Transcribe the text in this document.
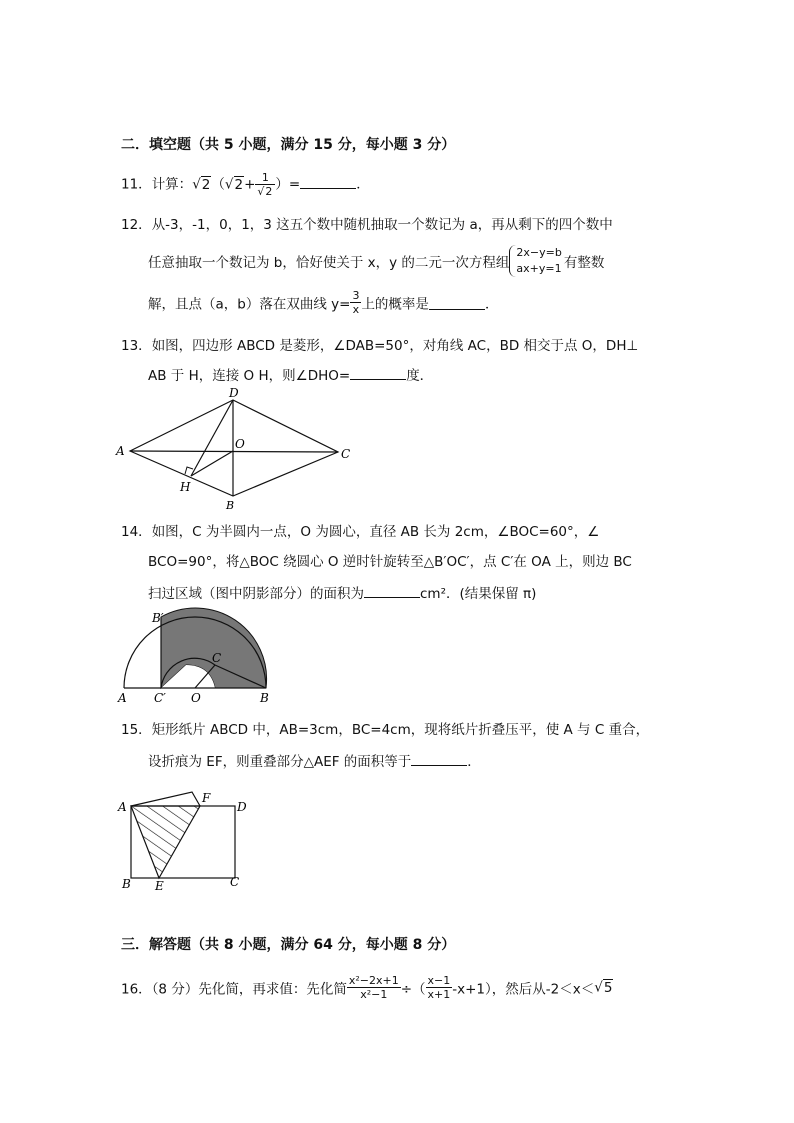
二．填空题（共 5 小题，满分 15 分，每小题 3 分）
11．计算：$√2(√2+ \frac{1}{√2}$ ）=	．
12．从-3，-1，0，1，3 这五个数中随机抽取一个数记为 a，再从剩下的四个数中
任意抽取一个数记为 b，恰好使关于 x，y 的二元一次方程组
2x−y=b
ax+y=1 有整数
解，且点（a，b）落在双曲线 $y= \frac{3}{x}$ 上的概率是	．
13．如图，四边形 ABCD 是菱形，∠DAB=50°，对角线 AC，BD 相交于点 O，DH⊥
AB 于 H，连接 O H，则∠DHO=	度．
A	C
D
B
O
H
14．如图，C 为半圆内一点，O 为圆心，直径 AB 长为 2cm，∠BOC=60°，∠
BCO=90°，将△BOC 绕圆心 O 逆时针旋转至△B′OC′，点 C′在 OA 上，则边 BC
扫过区域（图中阴影部分）的面积为	cm²．(结果保留 π)
A	B
B′
C
C′ O
15．矩形纸片 ABCD 中，AB=3cm，BC=4cm，现将纸片折叠压平，使 A 与 C 重合，
设折痕为 EF，则重叠部分△AEF 的面积等于	．
A
F
D
B E	C
三．解答题（共 8 小题，满分 64 分，每小题 8 分）
16．（8 分）先化简，再求值：先化简 $\frac{\text{x²−2x+1}}{\text{x²−1}}$ ÷（ $\frac{x-1}{x+1} -x+1$），然后从-2＜x＜√5
